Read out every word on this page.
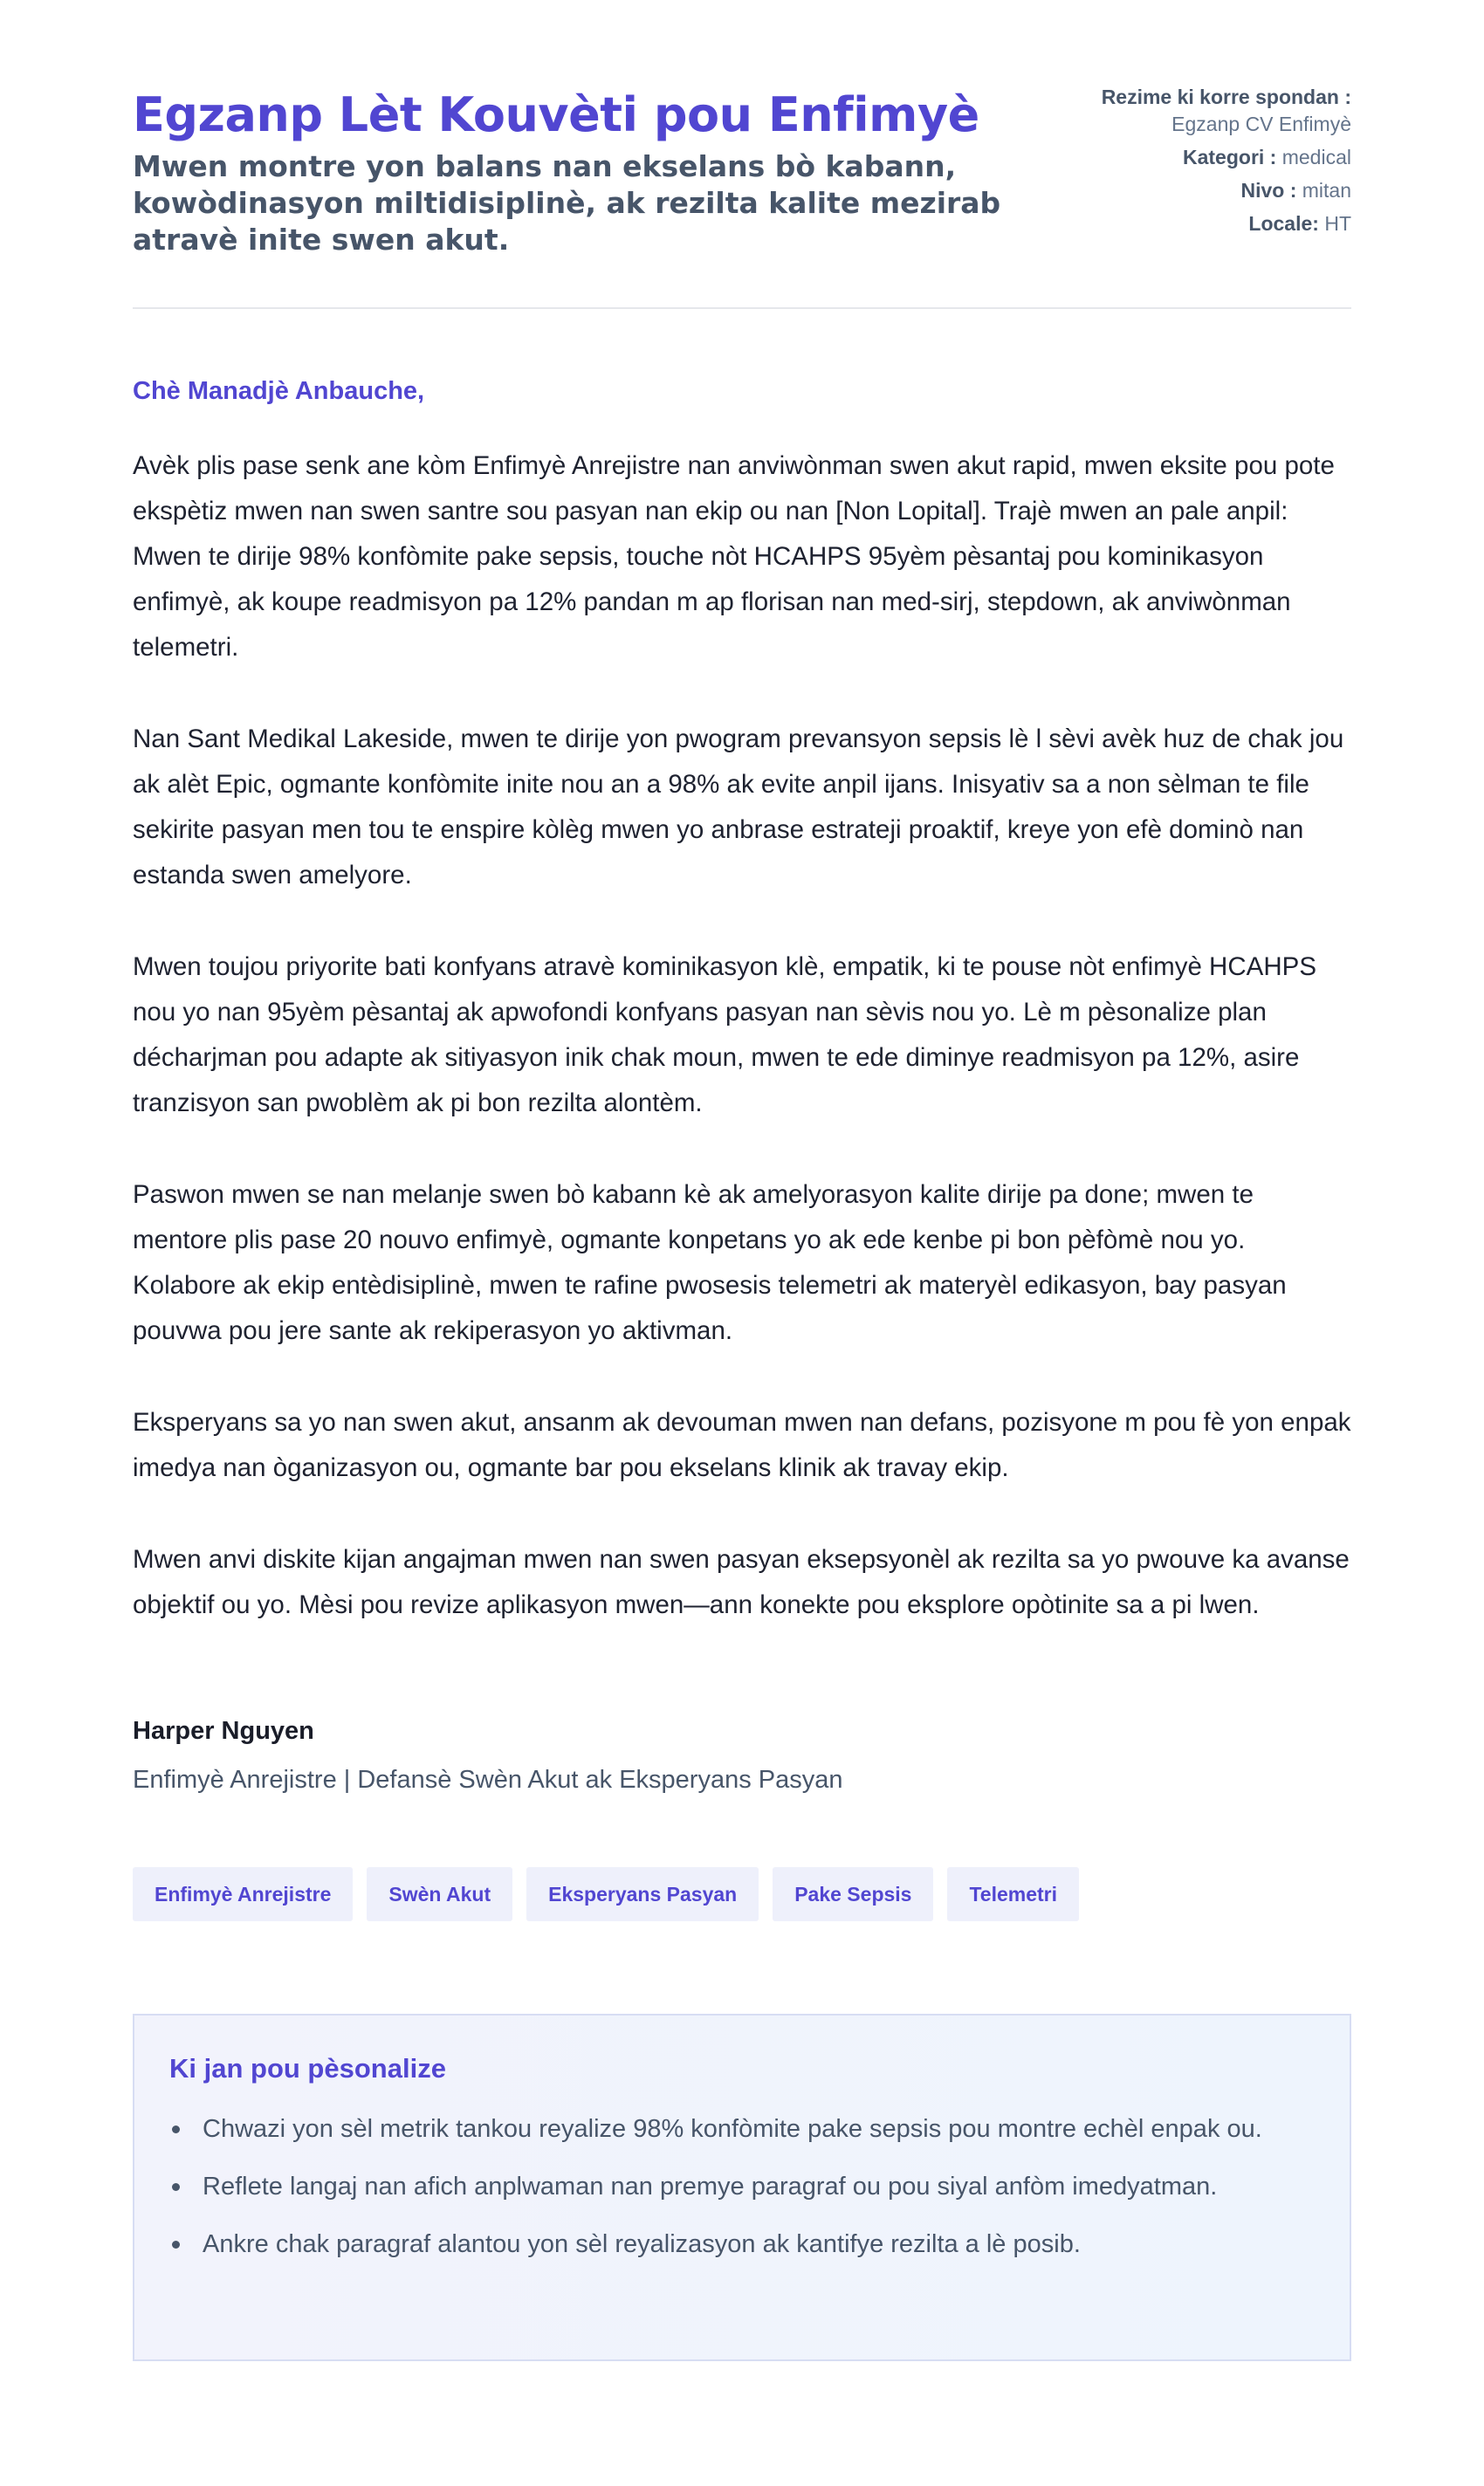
Egzanp Lèt Kouvèti pou Enfimyè

Mwen montre yon balans nan ekselans bò kabann, kowòdinasyon miltidisiplinè, ak rezilta kalite mezirab atravè inite swen akut.

Rezime ki korre spondan : Egzanp CV Enfimyè
Kategori : medical
Nivo : mitan
Locale: HT

Chè Manadjè Anbauche,

Avèk plis pase senk ane kòm Enfimyè Anrejistre nan anviwònman swen akut rapid, mwen eksite pou pote ekspètiz mwen nan swen santre sou pasyan nan ekip ou nan [Non Lopital]. Trajè mwen an pale anpil: Mwen te dirije 98% konfòmite pake sepsis, touche nòt HCAHPS 95yèm pèsantaj pou kominikasyon enfimyè, ak koupe readmisyon pa 12% pandan m ap florisan nan med-sirj, stepdown, ak anviwònman telemetri.

Nan Sant Medikal Lakeside, mwen te dirije yon pwogram prevansyon sepsis lè l sèvi avèk huz de chak jou ak alèt Epic, ogmante konfòmite inite nou an a 98% ak evite anpil ijans. Inisyativ sa a non sèlman te file sekirite pasyan men tou te enspire kòlèg mwen yo anbrase estrateji proaktif, kreye yon efè dominò nan estanda swen amelyore.

Mwen toujou priyorite bati konfyans atravè kominikasyon klè, empatik, ki te pouse nòt enfimyè HCAHPS nou yo nan 95yèm pèsantaj ak apwofondi konfyans pasyan nan sèvis nou yo. Lè m pèsonalize plan décharjman pou adapte ak sitiyasyon inik chak moun, mwen te ede diminye readmisyon pa 12%, asire tranzisyon san pwoblèm ak pi bon rezilta alontèm.

Paswon mwen se nan melanje swen bò kabann kè ak amelyorasyon kalite dirije pa done; mwen te mentore plis pase 20 nouvo enfimyè, ogmante konpetans yo ak ede kenbe pi bon pèfòmè nou yo. Kolabore ak ekip entèdisiplinè, mwen te rafine pwosesis telemetri ak materyèl edikasyon, bay pasyan pouvwa pou jere sante ak rekiperasyon yo aktivman.

Eksperyans sa yo nan swen akut, ansanm ak devouman mwen nan defans, pozisyone m pou fè yon enpak imedya nan òganizasyon ou, ogmante bar pou ekselans klinik ak travay ekip.

Mwen anvi diskite kijan angajman mwen nan swen pasyan eksepsyonèl ak rezilta sa yo pwouve ka avanse objektif ou yo. Mèsi pou revize aplikasyon mwen—ann konekte pou eksplore opòtinite sa a pi lwen.

Harper Nguyen

Enfimyè Anrejistre | Defansè Swèn Akut ak Eksperyans Pasyan

Enfimyè Anrejistre	Swèn Akut	Eksperyans Pasyan	Pake Sepsis	Telemetri
Ki jan pou pèsonalize
Chwazi yon sèl metrik tankou reyalize 98% konfòmite pake sepsis pou montre echèl enpak ou.
Reflete langaj nan afich anplwaman nan premye paragraf ou pou siyal anfòm imedyatman.
Ankre chak paragraf alantou yon sèl reyalizasyon ak kantifye rezilta a lè posib.
